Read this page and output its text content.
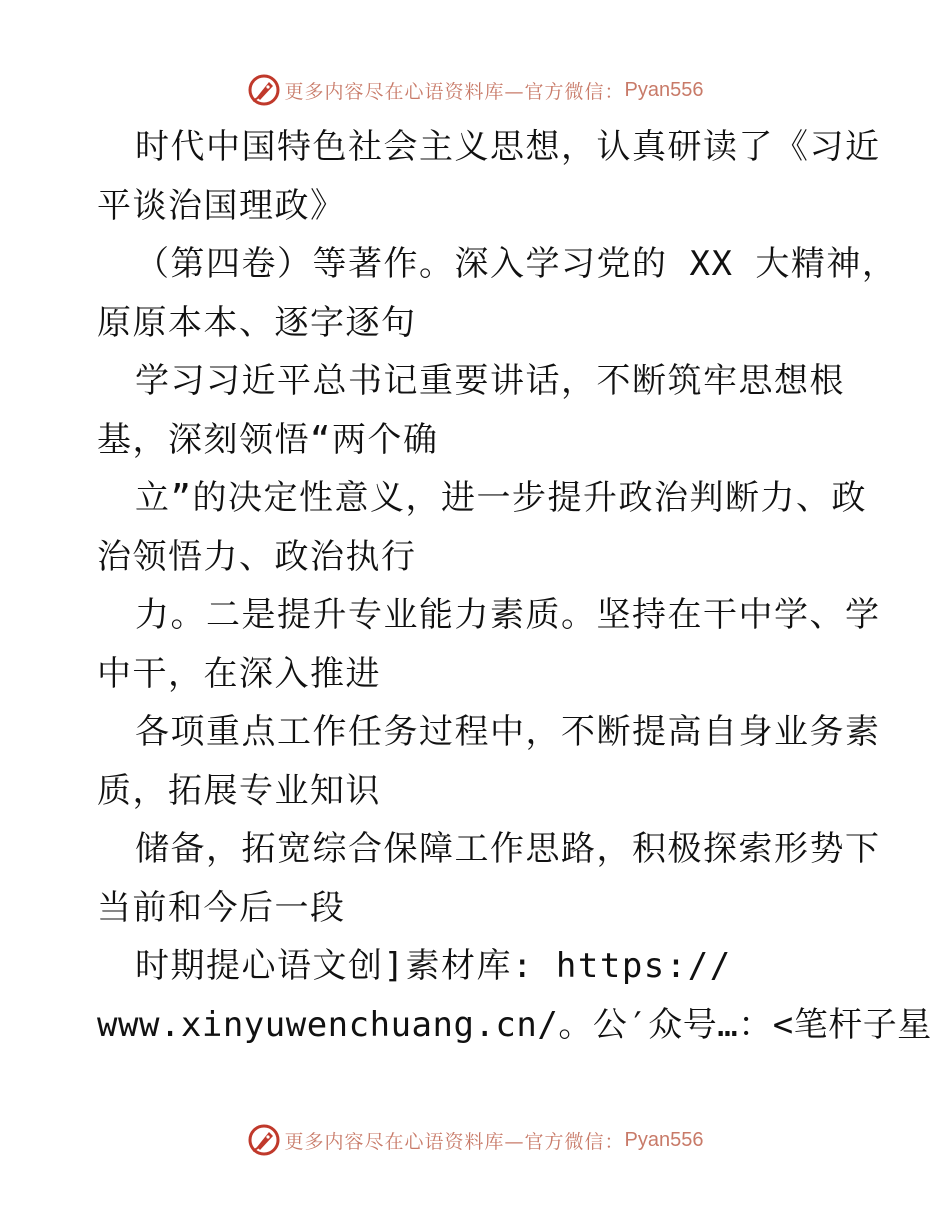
更多内容尽在心语资料库—官方微信： Pyan556
时代中国特色社会主义思想，认真研读了《习近
平谈治国理政》
（第四卷）等著作。深入学习党的 XX 大精神，
原原本本、逐字逐句
学习习近平总书记重要讲话，不断筑牢思想根
基，深刻领悟“两个确
立”的决定性意义，进一步提升政治判断力、政
治领悟力、政治执行
力。二是提升专业能力素质。坚持在干中学、学
中干，在深入推进
各项重点工作任务过程中，不断提高自身业务素
质，拓展专业知识
储备，拓宽综合保障工作思路，积极探索形势下
当前和今后一段
时期提心语文创]素材库: https://
www.xinyuwenchuang.cn/。公′众号…：<笔杆子星
更多内容尽在心语资料库—官方微信： Pyan556
